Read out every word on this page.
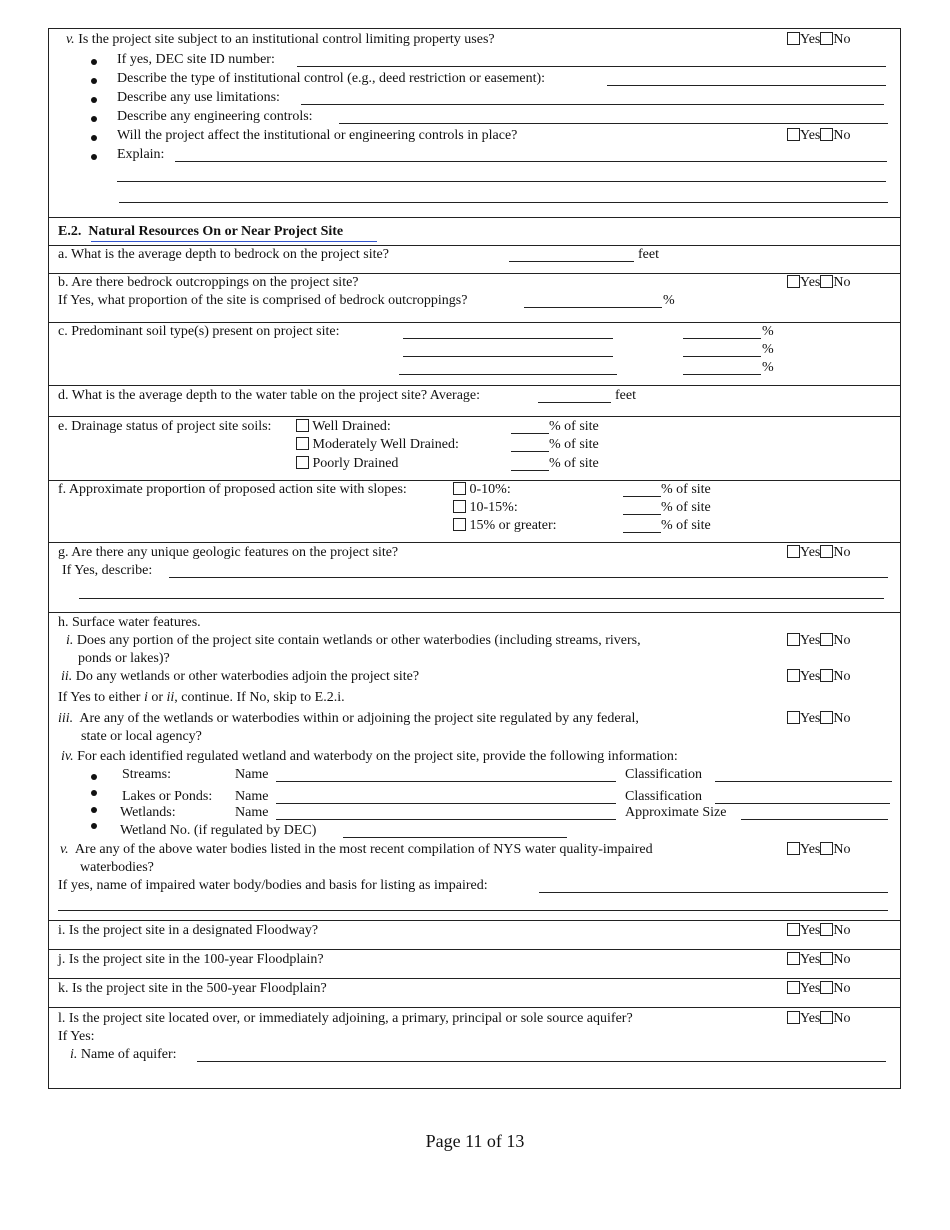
v. Is the project site subject to an institutional control limiting property uses?	Yes No
If yes, DEC site ID number:
Describe the type of institutional control (e.g., deed restriction or easement):
Describe any use limitations:
Describe any engineering controls:
Will the project affect the institutional or engineering controls in place?	Yes No
Explain:
E.2. Natural Resources On or Near Project Site
a. What is the average depth to bedrock on the project site?	feet
b. Are there bedrock outcroppings on the project site?	Yes No
If Yes, what proportion of the site is comprised of bedrock outcroppings?	%
c. Predominant soil type(s) present on project site:	%
%
%
d. What is the average depth to the water table on the project site? Average:	feet
e. Drainage status of project site soils:	Well Drained:	% of site
Moderately Well Drained:	% of site
Poorly Drained	% of site
f. Approximate proportion of proposed action site with slopes:	0-10%:	% of site
10-15%:	% of site
15% or greater:	% of site
g. Are there any unique geologic features on the project site?	Yes No
If Yes, describe:
h. Surface water features.
i. Does any portion of the project site contain wetlands or other waterbodies (including streams, rivers,	Yes No
ponds or lakes)?
ii. Do any wetlands or other waterbodies adjoin the project site?	Yes No
If Yes to either i or ii, continue. If No, skip to E.2.i.
iii. Are any of the wetlands or waterbodies within or adjoining the project site regulated by any federal,	Yes No
state or local agency?
iv. For each identified regulated wetland and waterbody on the project site, provide the following information:
Streams:	Name	Classification
Lakes or Ponds: Name	Classification
Wetlands:	Name	Approximate Size
Wetland No. (if regulated by DEC)
v. Are any of the above water bodies listed in the most recent compilation of NYS water quality-impaired	Yes No
waterbodies?
If yes, name of impaired water body/bodies and basis for listing as impaired:
i. Is the project site in a designated Floodway?	Yes No
j. Is the project site in the 100-year Floodplain?	Yes No
k. Is the project site in the 500-year Floodplain?	Yes No
l. Is the project site located over, or immediately adjoining, a primary, principal or sole source aquifer?	Yes No
If Yes:
i. Name of aquifer:
Page 11 of 13
